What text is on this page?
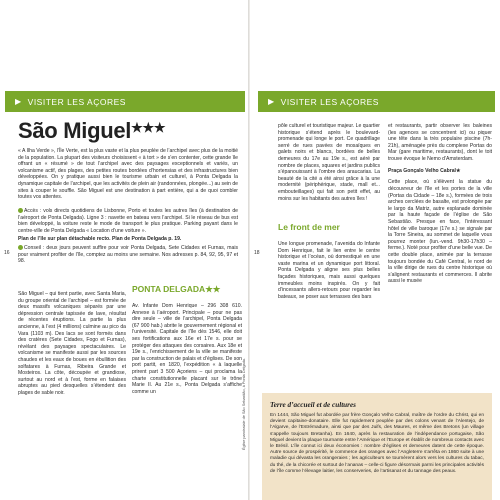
▶ VISITER LES AÇORES
16
São Miguel★★★

« A Ilha Verde », l’Île Verte, est la plus vaste et la plus peuplée de l’archipel avec plus de la moitié de la population. La plupart des visiteurs choisissent « à tort » de s’en contenter, cette grande île offrant un « résumé » de tout l’archipel avec des paysages exceptionnels et variés, un volcanisme actif, des plages, des petites routes bordées d’hortensias et des infrastructures bien développées. On y pratique aussi bien le tourisme urbain et culturel, à Ponta Delgada la dynamique capitale de l’archipel, que les activités de plein air (randonnées, plongée...) au sein de sites à couper le souffle. São Miguel est une destination à part entière, qui a de quoi combler toutes vos attentes.

Accès : vols directs quotidiens de Lisbonne, Porto et toutes les autres îles (à destination de l’aéroport de Ponta Delgada). Ligne 3 : navette en bateau vers l’archipel. Si le réseau de bus est bien développé, la voiture reste le mode de transport le plus pratique. Parking payant dans le centre-ville de Ponta Delgada « Location d’une voiture ».

Plan de l’île sur plan détachable recto. Plan de Ponta Delgada p. 19.

Conseil : deux jours peuvent suffire pour voir Ponta Delgada, Sete Cidades et Furnas, mais pour vraiment profiter de l’île, comptez au moins une semaine. Nos adresses p. 84, 92, 95, 97 et 98.

São Miguel – qui tient partie, avec Santa Maria, du groupe oriental de l’archipel – est formée de deux massifs volcaniques séparés par une dépression centrale tapissée de lave, résultat de récentes éruptions. La partie la plus ancienne, à l’est (4 millions) culmine au pico da Vara (1103 m). Des lacs se sont formés dans des cratères (Sete Cidades, Fogo et Furnas), révélant des paysages spectaculaires. Le volcanisme se manifeste aussi par les sources chaudes et les eaux de boues en ébullition des solfatares à Furnas, Ribeira Grande et Mosteiros. La côte, découpée et grandiose, surtout au nord et à l’est, forme en falaises abruptes au pied desquelles s’étendent des plages de sable noir.

PONTA DELGADA★★

Av. Infante Dom Henrique – 296 308 610. Annexe à l’aéroport. Principale – pour ne pas dire seule – ville de l’archipel, Ponta Delgada (67 900 hab.) abrite le gouvernement régional et l’université. Capitale de l’île dès 1546, elle doit ses fortifications aux 16e et 17e s. pour se protéger des attaques des corsaires. Aux 18e et 19e s., l’enrichissement de la ville se manifeste par la construction de palais et d’églises. De son port partit, en 1820, l’expédition « à laquelle prirent part 3 500 Açoriens – qui proclama la charte constitutionnelle placant sur le trône Marie II. Au 21e s., Ponta Delgada s’affiche comme un	Église paroissiale de São Sebastião, à Ponta Delgada.
▶ VISITER LES AÇORES
18

pôle culturel et touristique majeur. Le quartier historique s’étend après le boulevard-promenade qui longe le port. Ce quadrillage serré de rues pavées de mosaïques en galets noirs et blancs, bordées de belles demeures du 17e au 19e s., est aéré par nombre de places, squares et jardins publics s’épanouissant à l’ombre des araucarias. La beauté de la cité a été ainsi grâce à la une modernité (périphérique, stade, mall et... embouteillages) qui fait son petit effet, au moins sur les habitants des autres îles !

Le front de mer

Une longue promenade, l’avenida do Infante Dom Henrique, fait le lien entre le centre historique et l’océan, où domestiqué en une vaste marina et un dynamique port littoral. Ponta Delgada y aligne ses plus belles façades historiques, mais aussi quelques immeubles moins inspirés. On y fait d’incessants allers-retours pour regarder les bateaux, se poser aux terrasses des bars

et restaurants, partir observer les baleines (les agences se concentrent ici) ou piquer une tête dans la très populaire piscine (7h-21h), aménagée près du complexe Portas do Mar (gare maritime, restaurants), dont le toit trouve évoque le Nemo d’Amsterdam.

Praça Gonçalo Velho Cabral★

Cette place, où s’élèvent la statue du découvreur de l’île et les portes de la ville (Portas da Cidade – 18e s.), formées de trois arches cerclées de basalte, est prolongée par le largo da Matriz, autre esplanade dominée par la haute façade de l’église de São Sebastião. Presque en face, l’intéressant hôtel de ville baroque (17e s.) se signale par la Torre Sineira, au sommet de laquelle vous pourrez monter (lun.-vend. 9h30-17h30 – ferme.). Noté pour profiter d’une belle vue. De cette double place, animée par la terrasse toujours bondée du Café Central, le nord de la ville dirige de rues du centre historique où s’alignent restaurants et commerces. Il abrite aussi le musée

Terre d’accueil et de cultures
En 1444, São Miguel fut abordée par frère Gonçalo Velho Cabral, maître de l’ordre du Christ, qui en devient capitaine-donataire. Elle fut rapidement peuplée par des colons venant de l’Alentejo, de l’Algarve, de l’Estrémadure, ainsi que par des Juifs, des Maures, et même des Bretons (un village s’appelle toujours Bretanha). En 1640, après la restauration de l’indépendance portugaise, São Miguel devient la plaque tournante entre l’Amérique et l’Europe et établit de nombreux contacts avec le Brésil. L’île connut ici deux économies : nombre d’églises et demeures datent de cette époque. Autre source de prospérité, le commerce des oranges avec l’Angleterre s’arrêta en 1860 suite à une maladie qui dévasta les orangeraies ; les agriculteurs se tournèrent alors vers les cultures du tabac, du thé, de la chicorée et surtout de l’ananas – celle-ci figure désormais parmi les principales activités de l’île comme l’élevage laitier, les conserveries, de l’artisanat et du tannage des peaux.
